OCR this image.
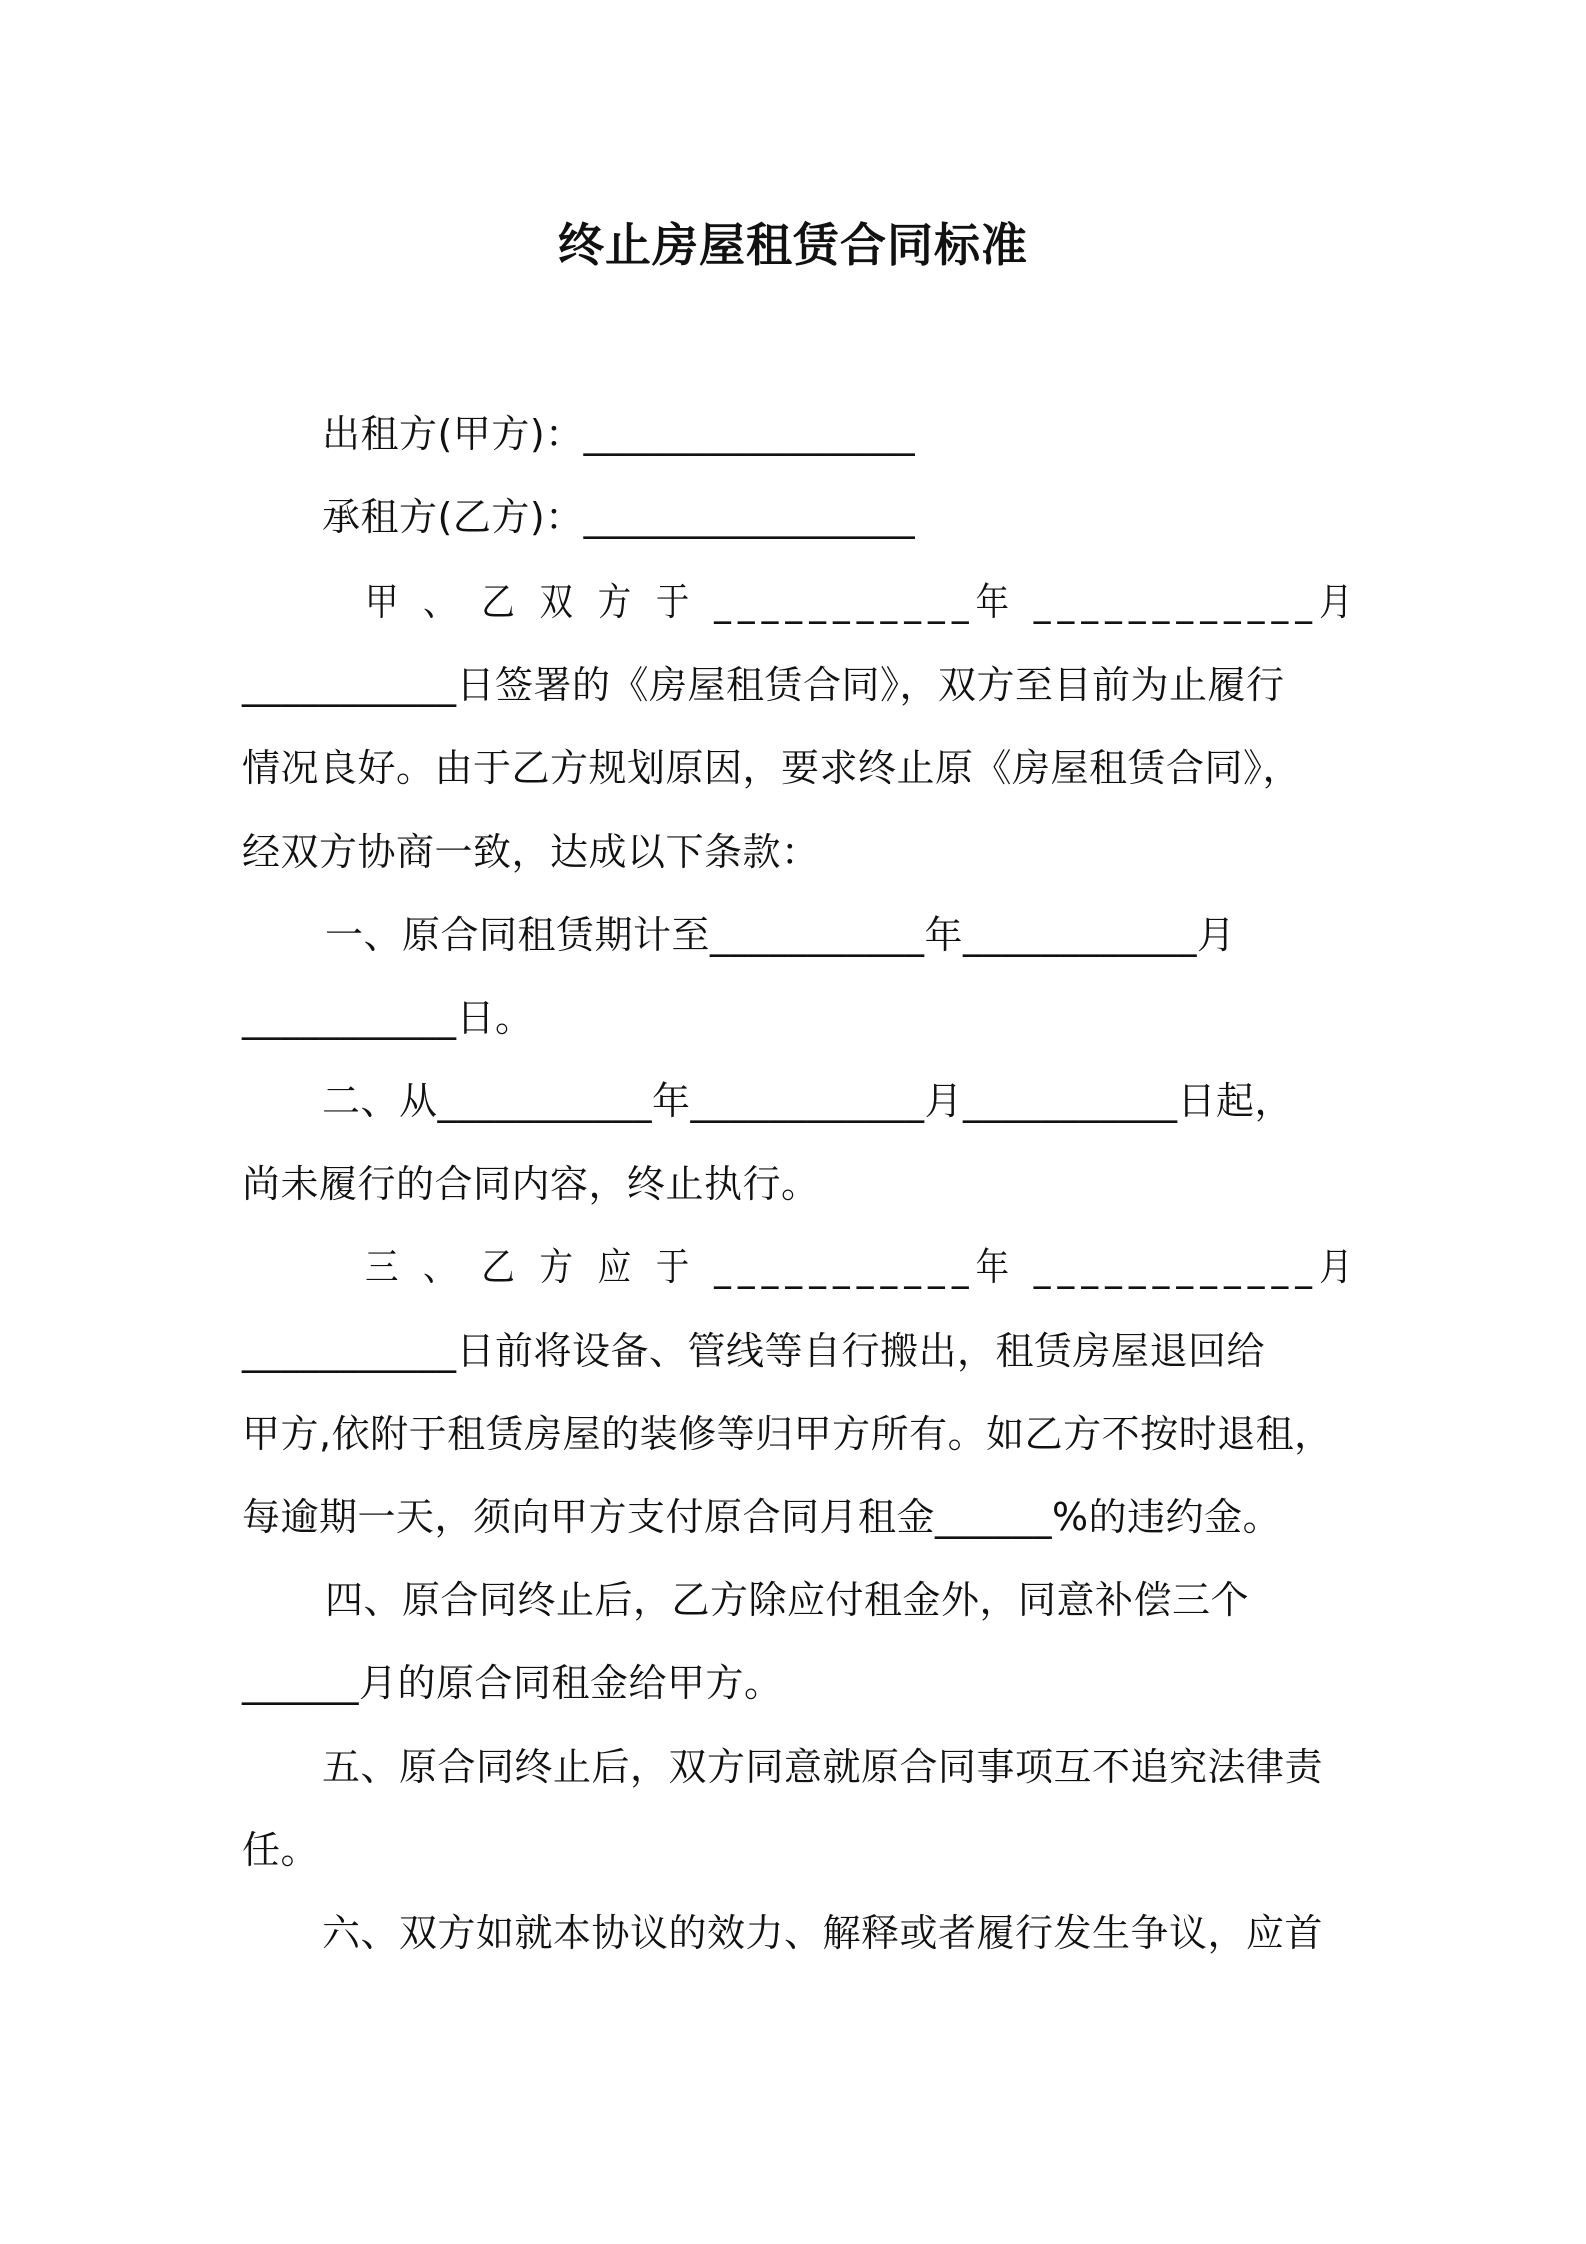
终止房屋租赁合同标准
出租方(甲方)：_________________
承租方(乙方)：_________________
甲 、 乙 双 方 于 ___________年 ____________月
___________日签署的《房屋租赁合同》，双方至目前为止履行
情况良好。由于乙方规划原因，要求终止原《房屋租赁合同》，
经双方协商一致，达成以下条款：
一、原合同租赁期计至___________年____________月
___________日。
二、从___________年____________月___________日起，
尚未履行的合同内容，终止执行。
三 、 乙 方 应 于 ___________年 ____________月
___________日前将设备、管线等自行搬出，租赁房屋退回给
甲方,依附于租赁房屋的装修等归甲方所有。如乙方不按时退租，
每逾期一天，须向甲方支付原合同月租金______%的违约金。
四、原合同终止后，乙方除应付租金外，同意补偿三个
______月的原合同租金给甲方。
五、原合同终止后，双方同意就原合同事项互不追究法律责
任。
六、双方如就本协议的效力、解释或者履行发生争议，应首
